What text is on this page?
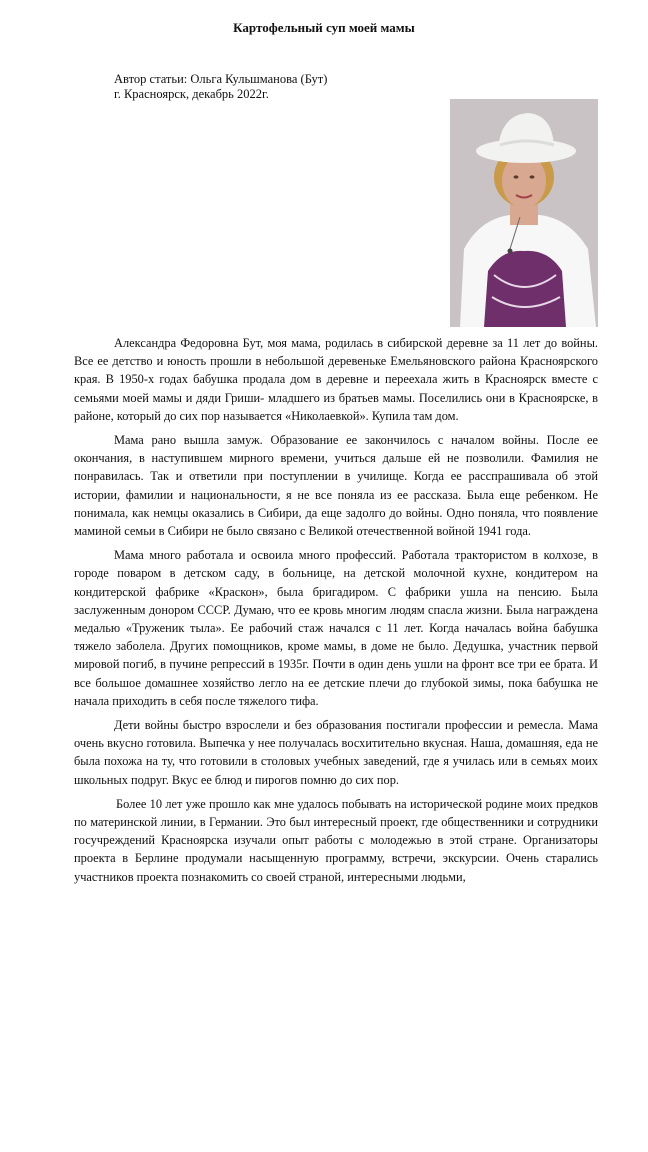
Картофельный суп моей мамы
Автор статьи: Ольга Кульшманова (Бут)
г. Красноярск, декабрь 2022г.

Александра Федоровна Бут, моя мама, родилась в сибирской деревне за 11 лет до войны. Все ее детство и юность прошли в небольшой деревеньке Емельяновского района Красноярского края. В 1950-х годах бабушка продала дом в деревне и переехала жить в Красноярск вместе с семьями моей мамы и дяди Гриши- младшего из братьев мамы. Поселились они в Красноярске, в районе, который до сих пор называется «Николаевкой». Купила там дом.

Мама рано вышла замуж. Образование ее закончилось с началом войны. После ее окончания, в наступившем мирного времени, учиться дальше ей не позволили. Фамилия не понравилась. Так и ответили при поступлении в училище. Когда ее расспрашивала об этой истории, фамилии и национальности, я не все поняла из ее рассказа. Была еще ребенком. Не понимала, как немцы оказались в Сибири, да еще задолго до войны. Одно поняла, что появление маминой семьи в Сибири не было связано с Великой отечественной войной 1941 года.

Мама много работала и освоила много профессий. Работала трактористом в колхозе, в городе поваром в детском саду, в больнице, на детской молочной кухне, кондитером на кондитерской фабрике «Краскон», была бригадиром. С фабрики ушла на пенсию. Была заслуженным донором СССР. Думаю, что ее кровь многим людям спасла жизни. Была награждена медалью «Труженик тыла». Ее рабочий стаж начался с 11 лет. Когда началась война бабушка тяжело заболела. Других помощников, кроме мамы, в доме не было. Дедушка, участник первой мировой погиб, в пучине репрессий в 1935г. Почти в один день ушли на фронт все три ее брата. И все большое домашнее хозяйство легло на ее детские плечи до глубокой зимы, пока бабушка не начала приходить в себя после тяжелого тифа.

Дети войны быстро взрослели и без образования постигали профессии и ремесла. Мама очень вкусно готовила. Выпечка у нее получалась восхитительно вкусная. Наша, домашняя, еда не была похожа на ту, что готовили в столовых учебных заведений, где я училась или в семьях моих школьных подруг. Вкус ее блюд и пирогов помню до сих пор.

Более 10 лет уже прошло как мне удалось побывать на исторической родине моих предков по материнской линии, в Германии. Это был интересный проект, где общественники и сотрудники госучреждений Красноярска изучали опыт работы с молодежью в этой стране. Организаторы проекта в Берлине продумали насыщенную программу, встречи, экскурсии. Очень старались участников проекта познакомить со своей страной, интересными людьми,
